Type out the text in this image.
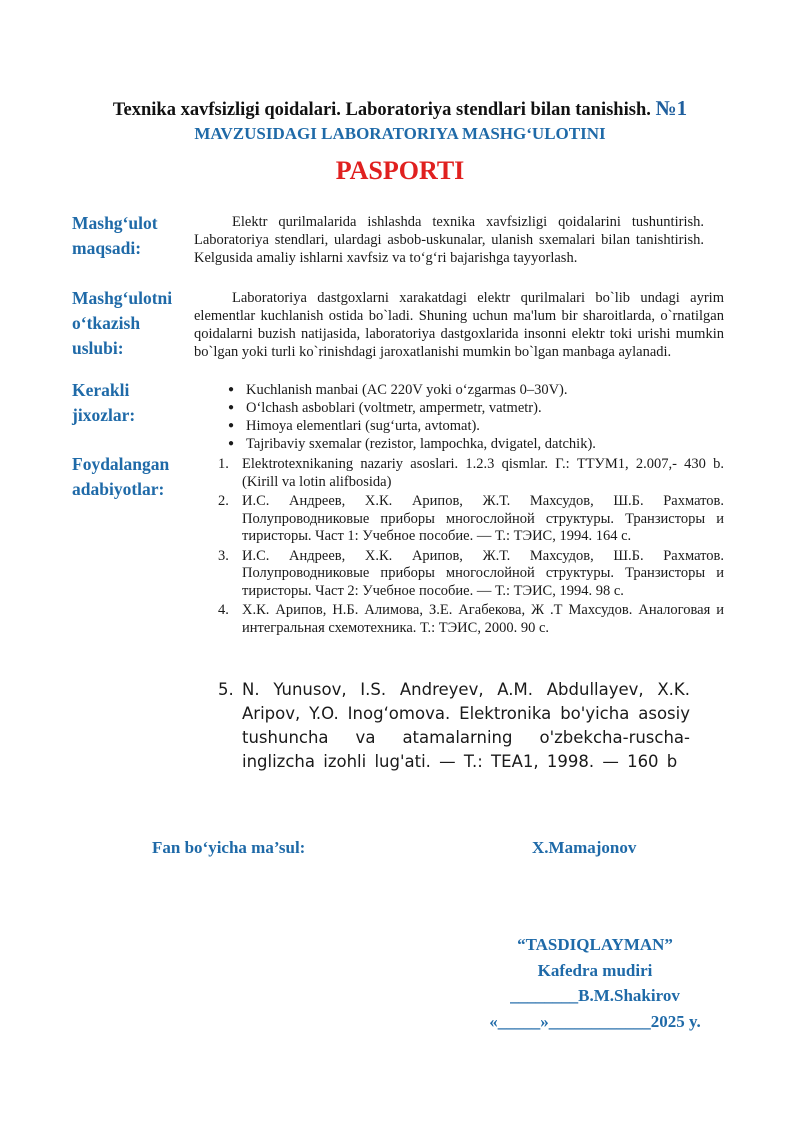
Texnika xavfsizligi qoidalari. Laboratoriya stendlari bilan tanishish. №1
MAVZUSIDAGI LABORATORIYA MASHG‘ULOTINI
PASPORTI
Mashg‘ulot
maqsadi:
Mashg‘ulotni
o‘tkazish
uslubi:
Kerakli
jixozlar:
Foydalangan
adabiyotlar:
Elektr qurilmalarida ishlashda texnika xavfsizligi qoidalarini tushuntirish. Laboratoriya stendlari, ulardagi asbob-uskunalar, ulanish sxemalari bilan tanishtirish. Kelgusida amaliy ishlarni xavfsiz va to‘g‘ri bajarishga tayyorlash.
Laboratoriya dastgoxlarni xarakatdagi elektr qurilmalari bo`lib undagi ayrim elementlar kuchlanish ostida bo`ladi. Shuning uchun ma'lum bir sharoitlarda, o`rnatilgan qoidalarni buzish natijasida, laboratoriya dastgoxlarida insonni elektr toki urishi mumkin bo`lgan yoki turli ko`rinishdagi jaroxatlanishi mumkin bo`lgan manbaga aylanadi.
● Kuchlanish manbai (AC 220V yoki o‘zgarmas 0–30V).
● O‘lchash asboblari (voltmetr, ampermetr, vatmetr).
● Himoya elementlari (sug‘urta, avtomat).
● Tajribaviy sxemalar (rezistor, lampochka, dvigatel, datchik).
1. Elektrotexnikaning nazariy asoslari. 1.2.3 qismlar. Г.: ТТУМ1, 2.007,- 430 b. (Kirill va lotin alifbosida)
2. И.С. Андреев, Х.К. Арипов, Ж.Т. Махсудов, Ш.Б. Рахматов. Полупроводниковые приборы многослойной структуры. Транзисторы и тиристоры. Част 1: Учебное пособие. — Т.: ТЭИС, 1994. 164 с.
3. И.С. Андреев, Х.К. Арипов, Ж.Т. Махсудов, Ш.Б. Рахматов. Полупроводниковые приборы многослойной структуры. Транзисторы и тиристоры. Част 2: Учебное пособие. — Т.: ТЭИС, 1994. 98 с.
4. Х.К. Арипов, Н.Б. Алимова, З.Е. Агабекова, Ж .Т Махсудов. Аналоговая и интегральная схемотехника. Т.: ТЭИС, 2000. 90 с.
5. N. Yunusov, I.S. Andreyev, A.M. Abdullayev, X.K. Aripov, Y.O. Inog‘omova. Elektronika bo'yicha asosiy tushuncha va atamalarning o'zbekcha-ruscha-inglizcha izohli lug'ati. — T.: TEA1, 1998. — 160 b
Fan bo‘yicha ma’sul:	X.Mamajonov
“TASDIQLAYMAN”
Kafedra mudiri
________B.M.Shakirov
«_____»____________2025 y.
